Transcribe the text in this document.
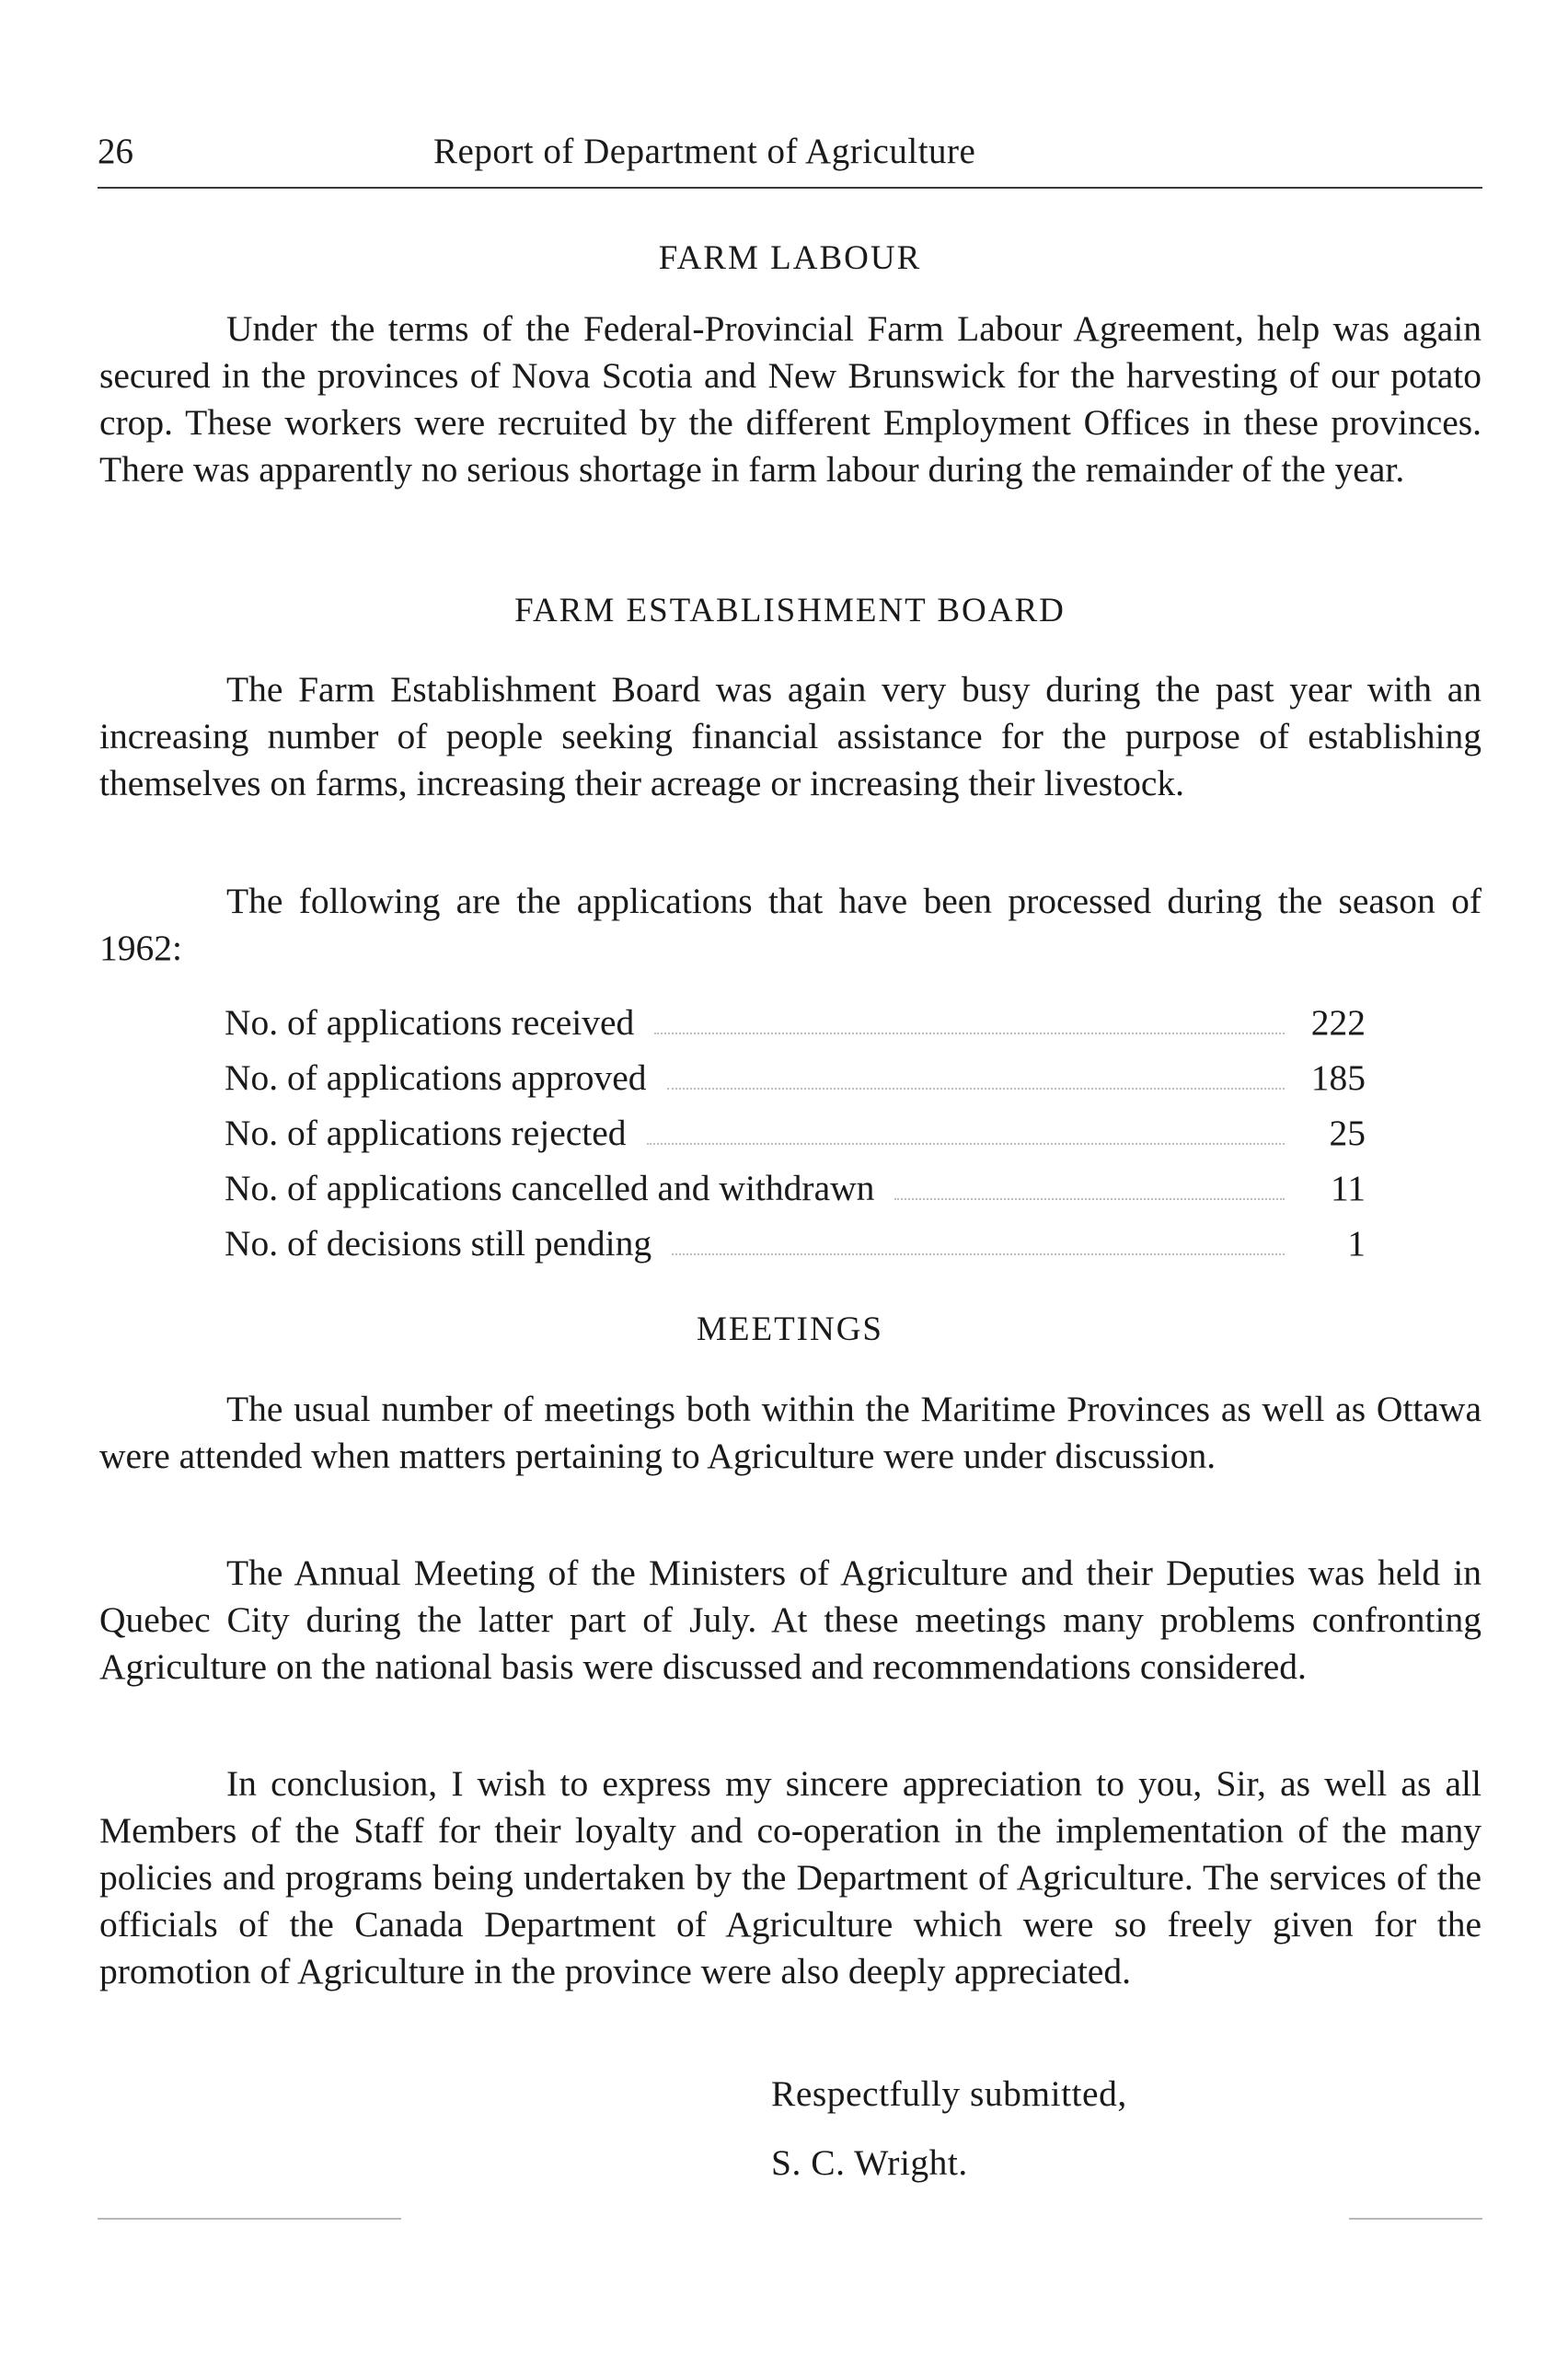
26	Report of Department of Agriculture
FARM LABOUR

Under the terms of the Federal-Provincial Farm Labour Agreement, help was again secured in the provinces of Nova Scotia and New Brunswick for the harvesting of our potato crop. These workers were recruited by the different Employment Offices in these provinces. There was apparently no serious shortage in farm labour during the remainder of the year.

FARM ESTABLISHMENT BOARD

The Farm Establishment Board was again very busy during the past year with an increasing number of people seeking financial assistance for the purpose of establishing themselves on farms, increasing their acreage or increasing their livestock.

The following are the applications that have been processed during the season of 1962:

No. of applications received	222
No. of applications approved	185
No. of applications rejected	25
No. of applications cancelled and withdrawn	11
No. of decisions still pending	1
MEETINGS

The usual number of meetings both within the Maritime Provinces as well as Ottawa were attended when matters pertaining to Agriculture were under discussion.

The Annual Meeting of the Ministers of Agriculture and their Deputies was held in Quebec City during the latter part of July. At these meetings many problems confronting Agriculture on the national basis were discussed and recommendations considered.

In conclusion, I wish to express my sincere appreciation to you, Sir, as well as all Members of the Staff for their loyalty and co-operation in the implementation of the many policies and programs being undertaken by the Department of Agriculture. The services of the officials of the Canada Department of Agriculture which were so freely given for the promotion of Agriculture in the province were also deeply appreciated.

Respectfully submitted,
S. C. Wright.
